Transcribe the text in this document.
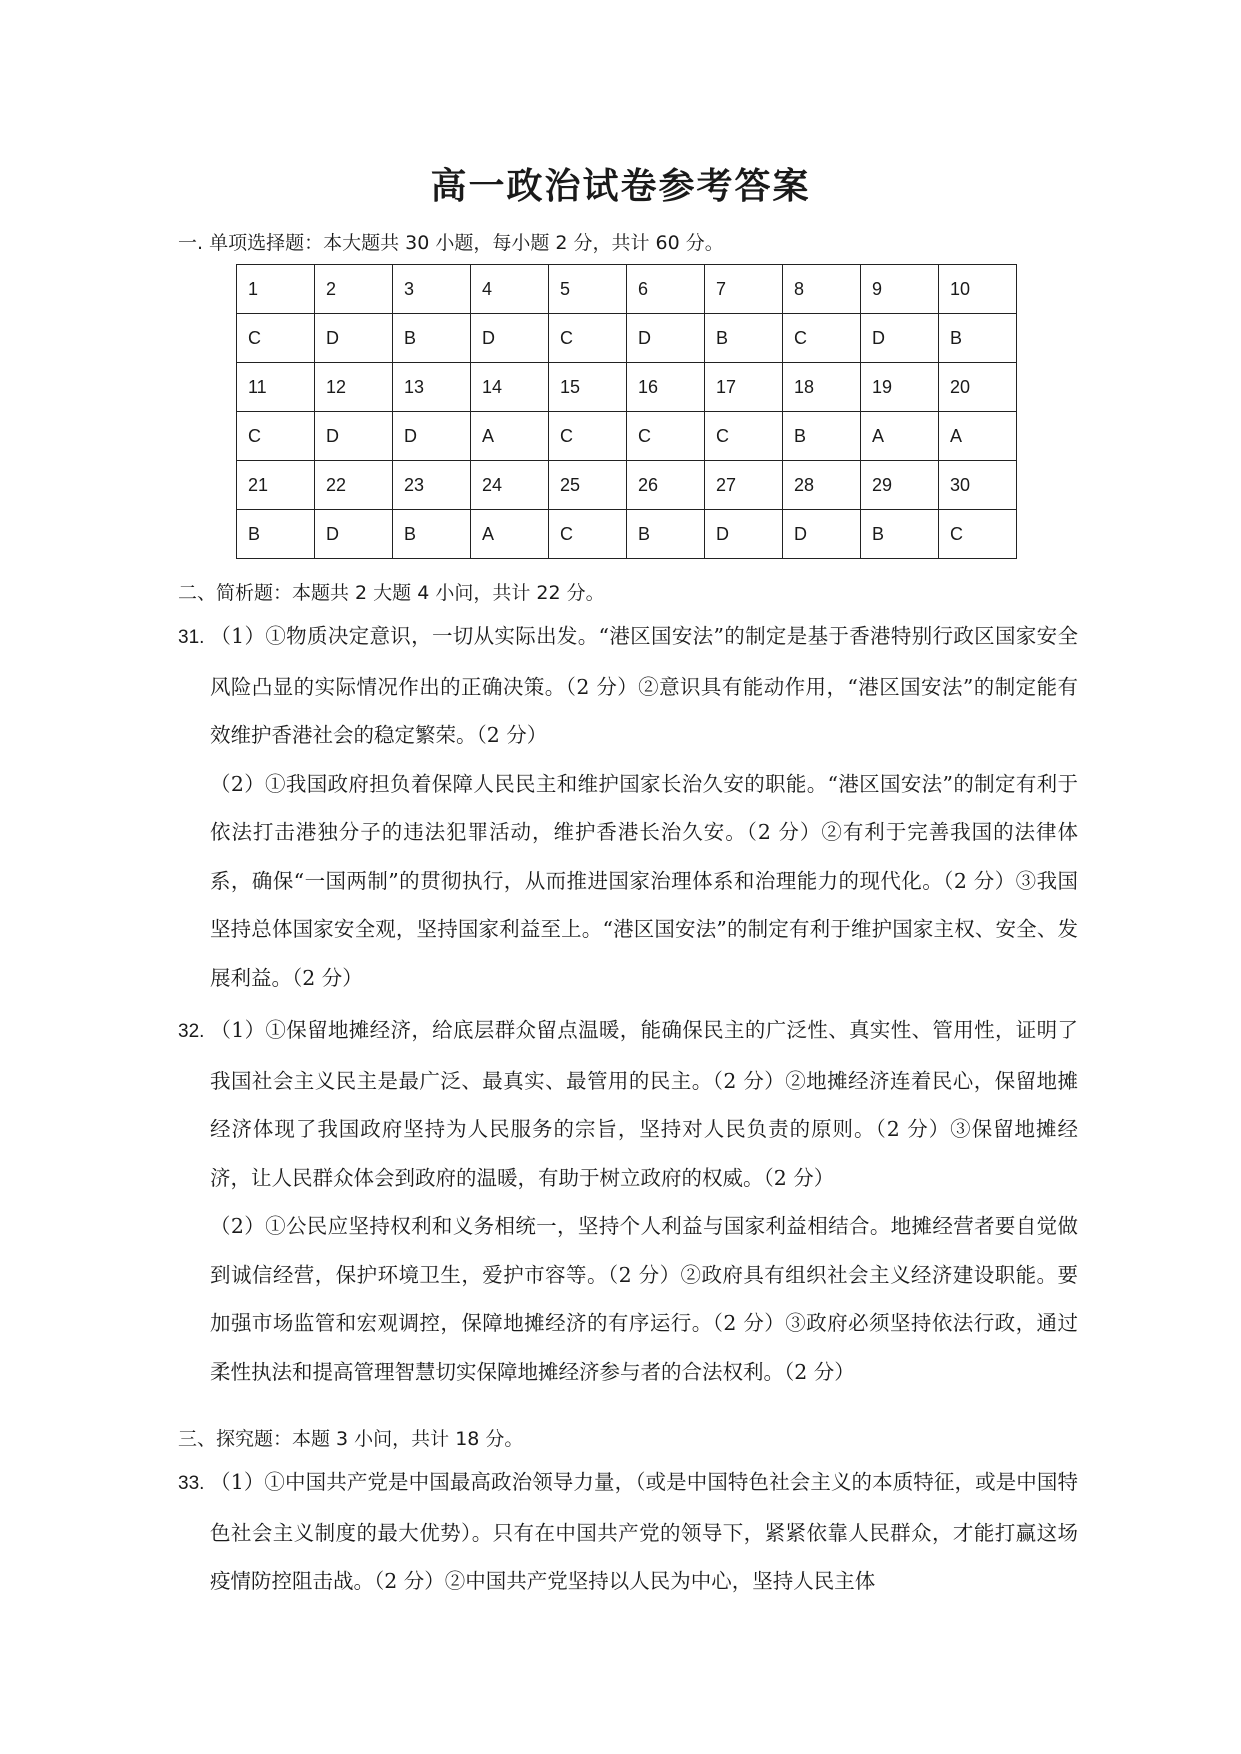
高一政治试卷参考答案

一. 单项选择题：本大题共 30 小题，每小题 2 分，共计 60 分。

1	2	3	4	5	6	7	8	9	10
C	D	B	D	C	D	B	C	D	B
11	12	13	14	15	16	17	18	19	20
C	D	D	A	C	C	C	B	A	A
21	22	23	24	25	26	27	28	29	30
B	D	B	A	C	B	D	D	B	C

二、简析题：本题共 2 大题 4 小问，共计 22 分。

31. （1）①物质决定意识，一切从实际出发。“港区国安法”的制定是基于香港特别行政区国家安全风险凸显的实际情况作出的正确决策。（2 分）②意识具有能动作用，“港区国安法”的制定能有效维护香港社会的稳定繁荣。（2 分）

（2）①我国政府担负着保障人民民主和维护国家长治久安的职能。“港区国安法”的制定有利于依法打击港独分子的违法犯罪活动，维护香港长治久安。（2 分）②有利于完善我国的法律体系，确保“一国两制”的贯彻执行，从而推进国家治理体系和治理能力的现代化。（2 分）③我国坚持总体国家安全观，坚持国家利益至上。“港区国安法”的制定有利于维护国家主权、安全、发展利益。（2 分）

32. （1）①保留地摊经济，给底层群众留点温暖，能确保民主的广泛性、真实性、管用性，证明了我国社会主义民主是最广泛、最真实、最管用的民主。（2 分）②地摊经济连着民心，保留地摊经济体现了我国政府坚持为人民服务的宗旨，坚持对人民负责的原则。（2 分）③保留地摊经济，让人民群众体会到政府的温暖，有助于树立政府的权威。（2 分）

（2）①公民应坚持权利和义务相统一，坚持个人利益与国家利益相结合。地摊经营者要自觉做到诚信经营，保护环境卫生，爱护市容等。（2 分）②政府具有组织社会主义经济建设职能。要加强市场监管和宏观调控，保障地摊经济的有序运行。（2 分）③政府必须坚持依法行政，通过柔性执法和提高管理智慧切实保障地摊经济参与者的合法权利。（2 分）

三、探究题：本题 3 小问，共计 18 分。

33. （1）①中国共产党是中国最高政治领导力量，（或是中国特色社会主义的本质特征，或是中国特色社会主义制度的最大优势）。只有在中国共产党的领导下，紧紧依靠人民群众，才能打赢这场疫情防控阻击战。（2 分）②中国共产党坚持以人民为中心，坚持人民主体
